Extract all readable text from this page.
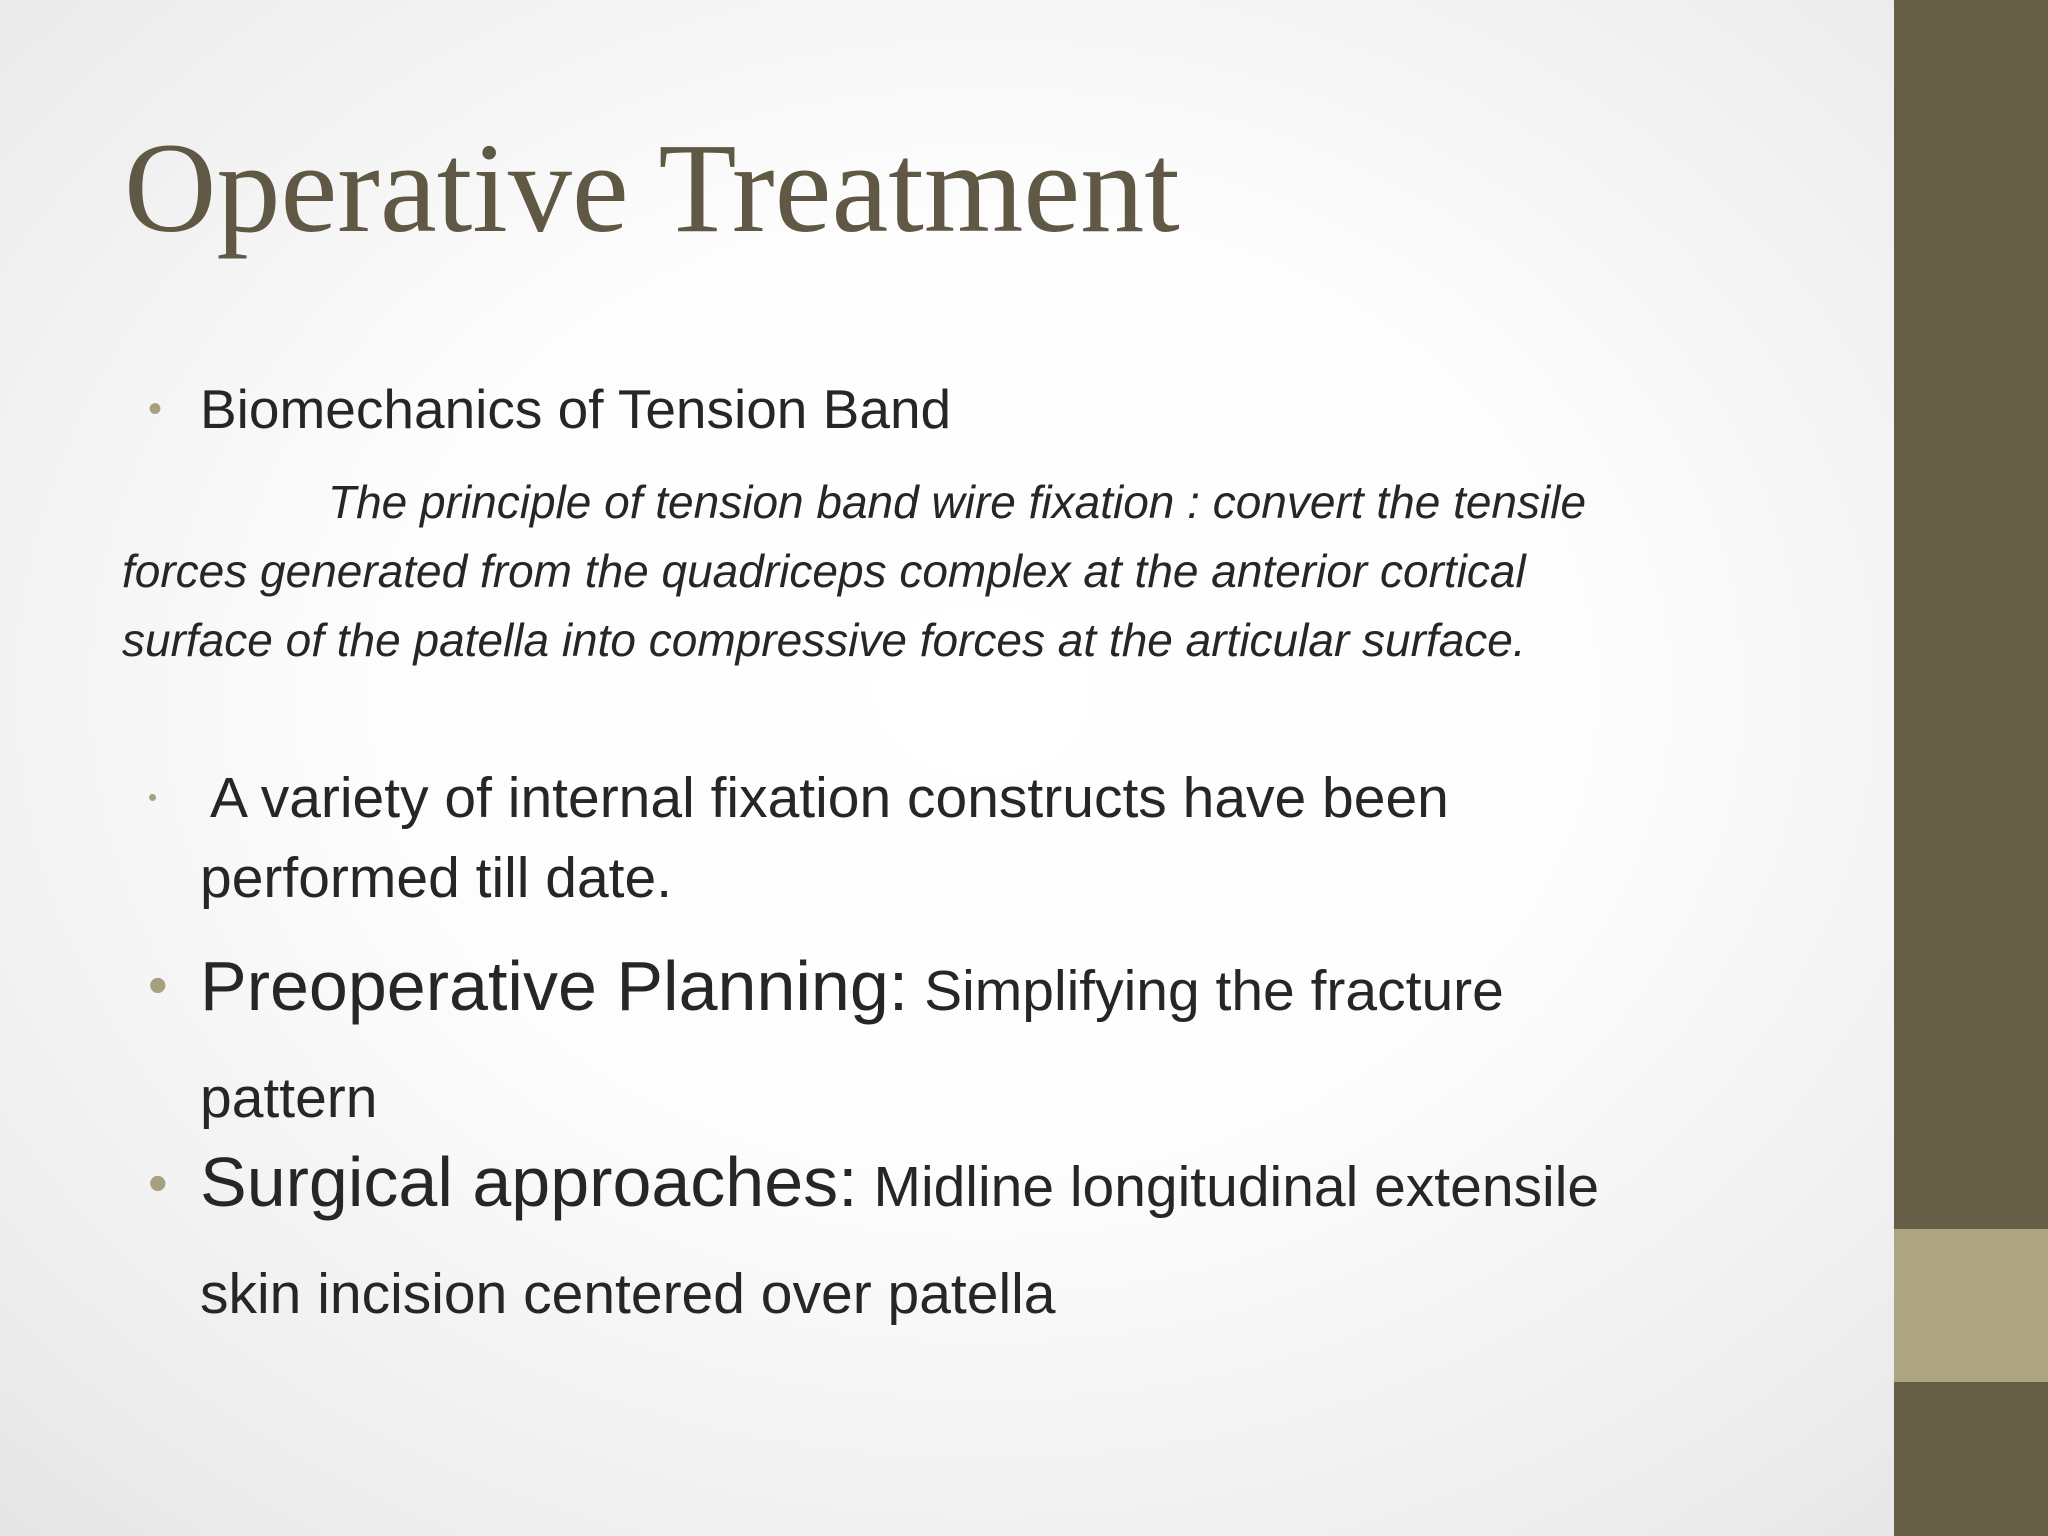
Operative Treatment
• Biomechanics of Tension Band

The principle of tension band wire fixation : convert the tensile
forces generated from the quadriceps complex at the anterior cortical
surface of the patella into compressive forces at the articular surface.

• A variety of internal fixation constructs have been
performed till date.

• Preoperative Planning: Simplifying the fracture
pattern

• Surgical approaches: Midline longitudinal extensile
skin incision centered over patella
